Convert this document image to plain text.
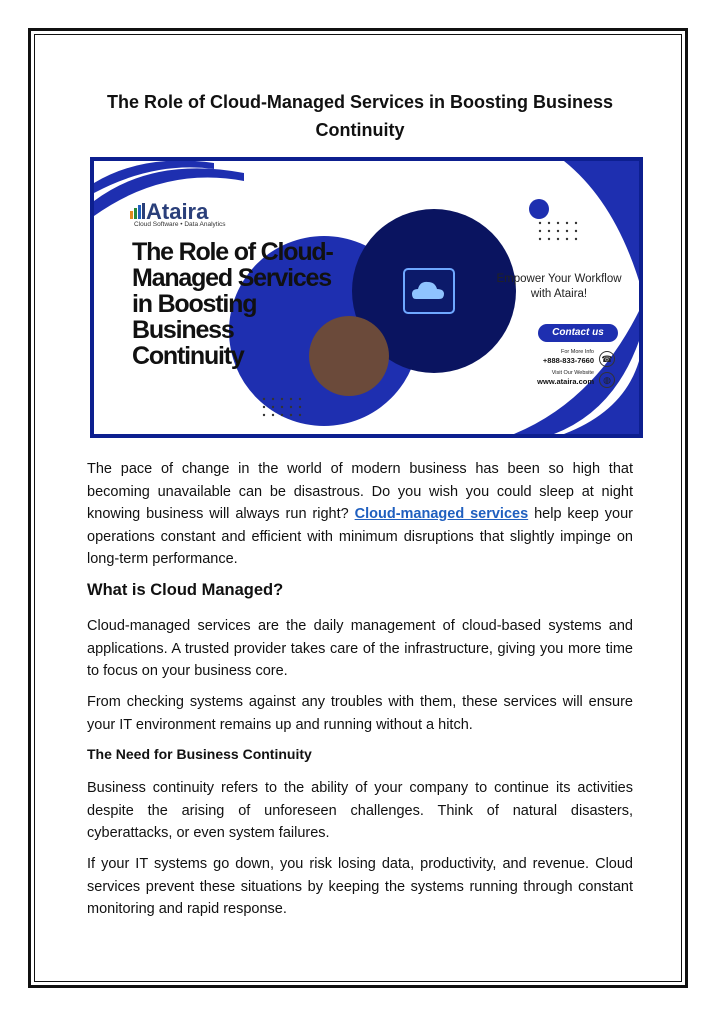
The Role of Cloud-Managed Services in Boosting Business Continuity
Ataira
Cloud Software • Data Analytics
The Role of Cloud-Managed Services in Boosting Business Continuity
Empower Your Workflow with Ataira!
Contact us
For More Info
+888-833-7660 ☎
Visit Our Website
www.ataira.com	◍

The pace of change in the world of modern business has been so high that becoming unavailable can be disastrous. Do you wish you could sleep at night knowing business will always run right? Cloud-managed services help keep your operations constant and efficient with minimum disruptions that slightly impinge on long-term performance.

What is Cloud Managed?

Cloud-managed services are the daily management of cloud-based systems and applications. A trusted provider takes care of the infrastructure, giving you more time to focus on your business core.

From checking systems against any troubles with them, these services will ensure your IT environment remains up and running without a hitch.

The Need for Business Continuity

Business continuity refers to the ability of your company to continue its activities despite the arising of unforeseen challenges. Think of natural disasters, cyberattacks, or even system failures.

If your IT systems go down, you risk losing data, productivity, and revenue. Cloud services prevent these situations by keeping the systems running through constant monitoring and rapid response.
